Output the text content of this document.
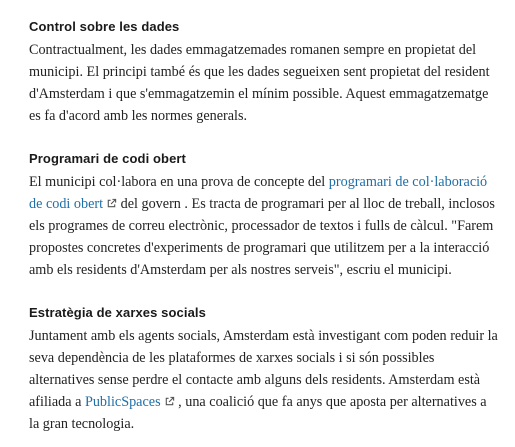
Control sobre les dades

Contractualment, les dades emmagatzemades romanen sempre en propietat del municipi. El principi també és que les dades segueixen sent propietat del resident d'Amsterdam i que s'emmagatzemin el mínim possible. Aquest emmagatzematge es fa d'acord amb les normes generals.

Programari de codi obert

El municipi col·labora en una prova de concepte del programari de col·laboració de codi obert del govern . Es tracta de programari per al lloc de treball, inclosos els programes de correu electrònic, processador de textos i fulls de càlcul. "Farem propostes concretes d'experiments de programari que utilitzem per a la interacció amb els residents d'Amsterdam per als nostres serveis", escriu el municipi.

Estratègia de xarxes socials

Juntament amb els agents socials, Amsterdam està investigant com poden reduir la seva dependència de les plataformes de xarxes socials i si són possibles alternatives sense perdre el contacte amb alguns dels residents. Amsterdam està afiliada a PublicSpaces , una coalició que fa anys que aposta per alternatives a la gran tecnologia.
